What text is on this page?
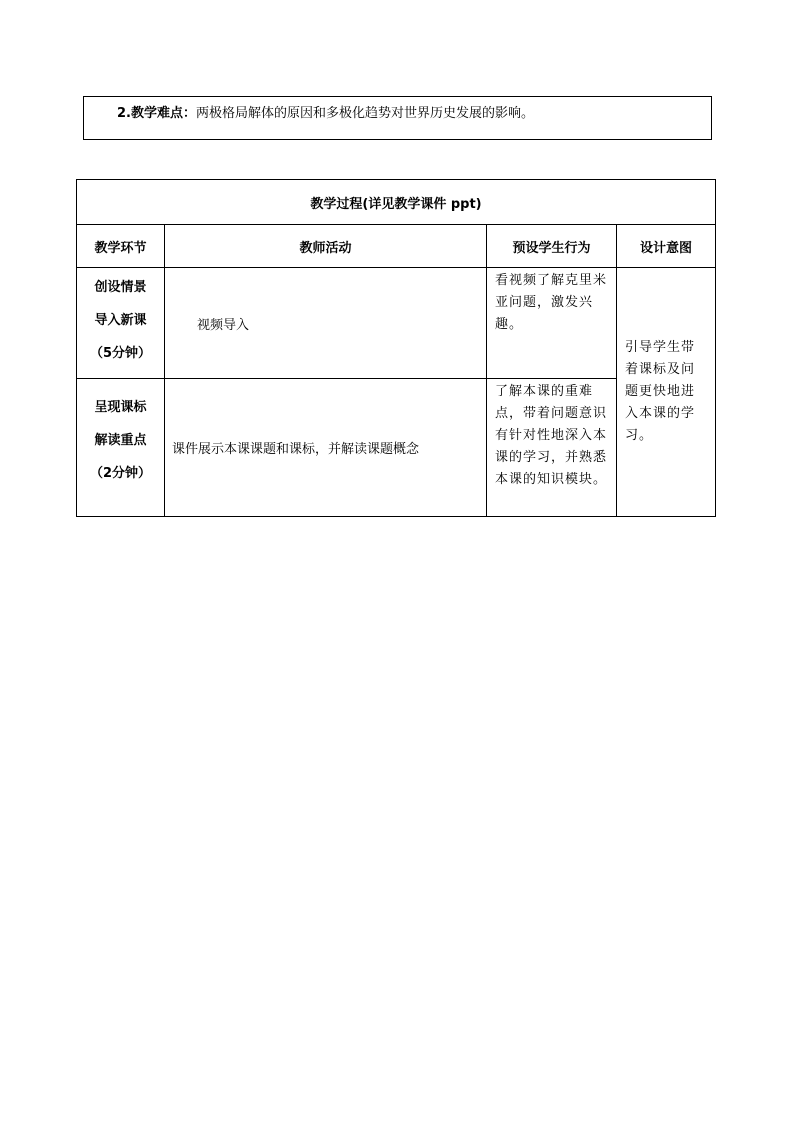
2.教学难点：两极格局解体的原因和多极化趋势对世界历史发展的影响。
教学过程(详见教学课件 ppt)			
教学环节	教师活动	预设学生行为	设计意图

创设情景
导入新课
（5分钟）	视频导入	看视频了解克里米亚问题，激发兴趣。	引导学生带着课标及问题更快地进入本课的学习。

呈现课标
解读重点
（2分钟）	课件展示本课课题和课标，并解读课题概念	了解本课的重难点，带着问题意识有针对性地深入本课的学习，并熟悉本课的知识模块。	
